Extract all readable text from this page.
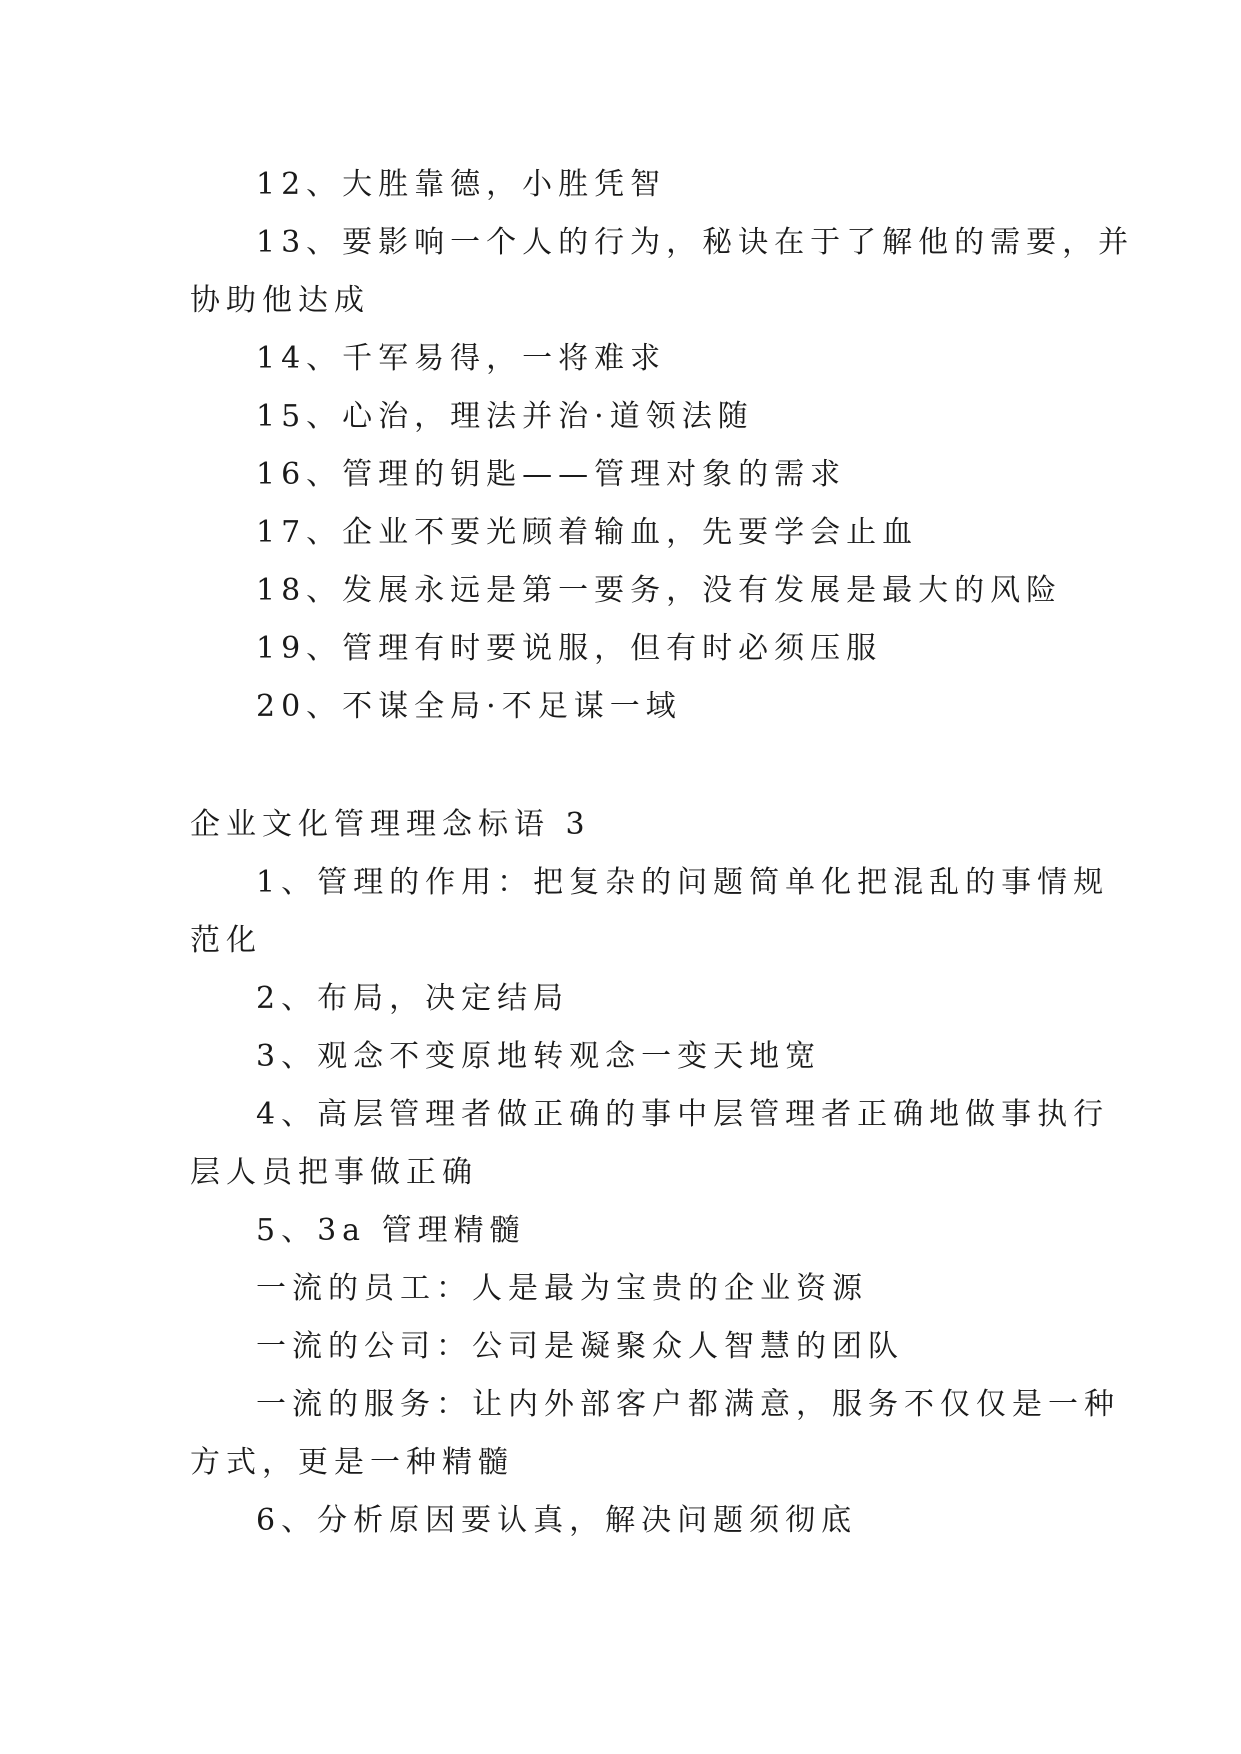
12、大胜靠德，小胜凭智

13、要影响一个人的行为，秘诀在于了解他的需要，并

协助他达成

14、千军易得，一将难求

15、心治，理法并治·道领法随

16、管理的钥匙——管理对象的需求

17、企业不要光顾着输血，先要学会止血

18、发展永远是第一要务，没有发展是最大的风险

19、管理有时要说服，但有时必须压服

20、不谋全局·不足谋一域

企业文化管理理念标语 3

1、管理的作用：把复杂的问题简单化把混乱的事情规

范化

2、布局，决定结局

3、观念不变原地转观念一变天地宽

4、高层管理者做正确的事中层管理者正确地做事执行

层人员把事做正确

5、3a 管理精髓

一流的员工：人是最为宝贵的企业资源

一流的公司：公司是凝聚众人智慧的团队

一流的服务：让内外部客户都满意，服务不仅仅是一种

方式，更是一种精髓

6、分析原因要认真，解决问题须彻底
